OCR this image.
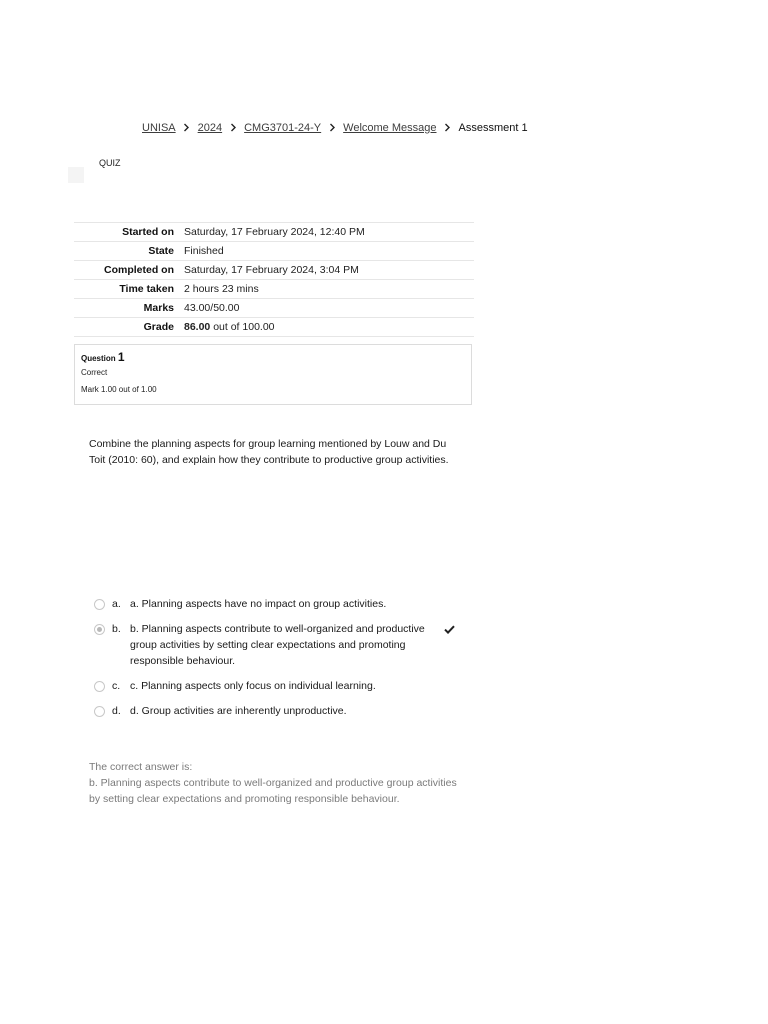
UNISA 2024 CMG3701-24-Y Welcome Message Assessment 1
QUIZ
Started on	Saturday, 17 February 2024, 12:40 PM
State	Finished
Completed on	Saturday, 17 February 2024, 3:04 PM
Time taken	2 hours 23 mins
Marks	43.00/50.00
Grade	86.00 out of 100.00
Question 1
Correct
Mark 1.00 out of 1.00
Combine the planning aspects for group learning mentioned by Louw and Du Toit (2010: 60), and explain how they contribute to productive group activities.
a. a. Planning aspects have no impact on group activities.
b. b. Planning aspects contribute to well-organized and productive group activities by setting clear expectations and promoting responsible behaviour.
c. c. Planning aspects only focus on individual learning.
d. d. Group activities are inherently unproductive.
The correct answer is:
b. Planning aspects contribute to well-organized and productive group activities by setting clear expectations and promoting responsible behaviour.
